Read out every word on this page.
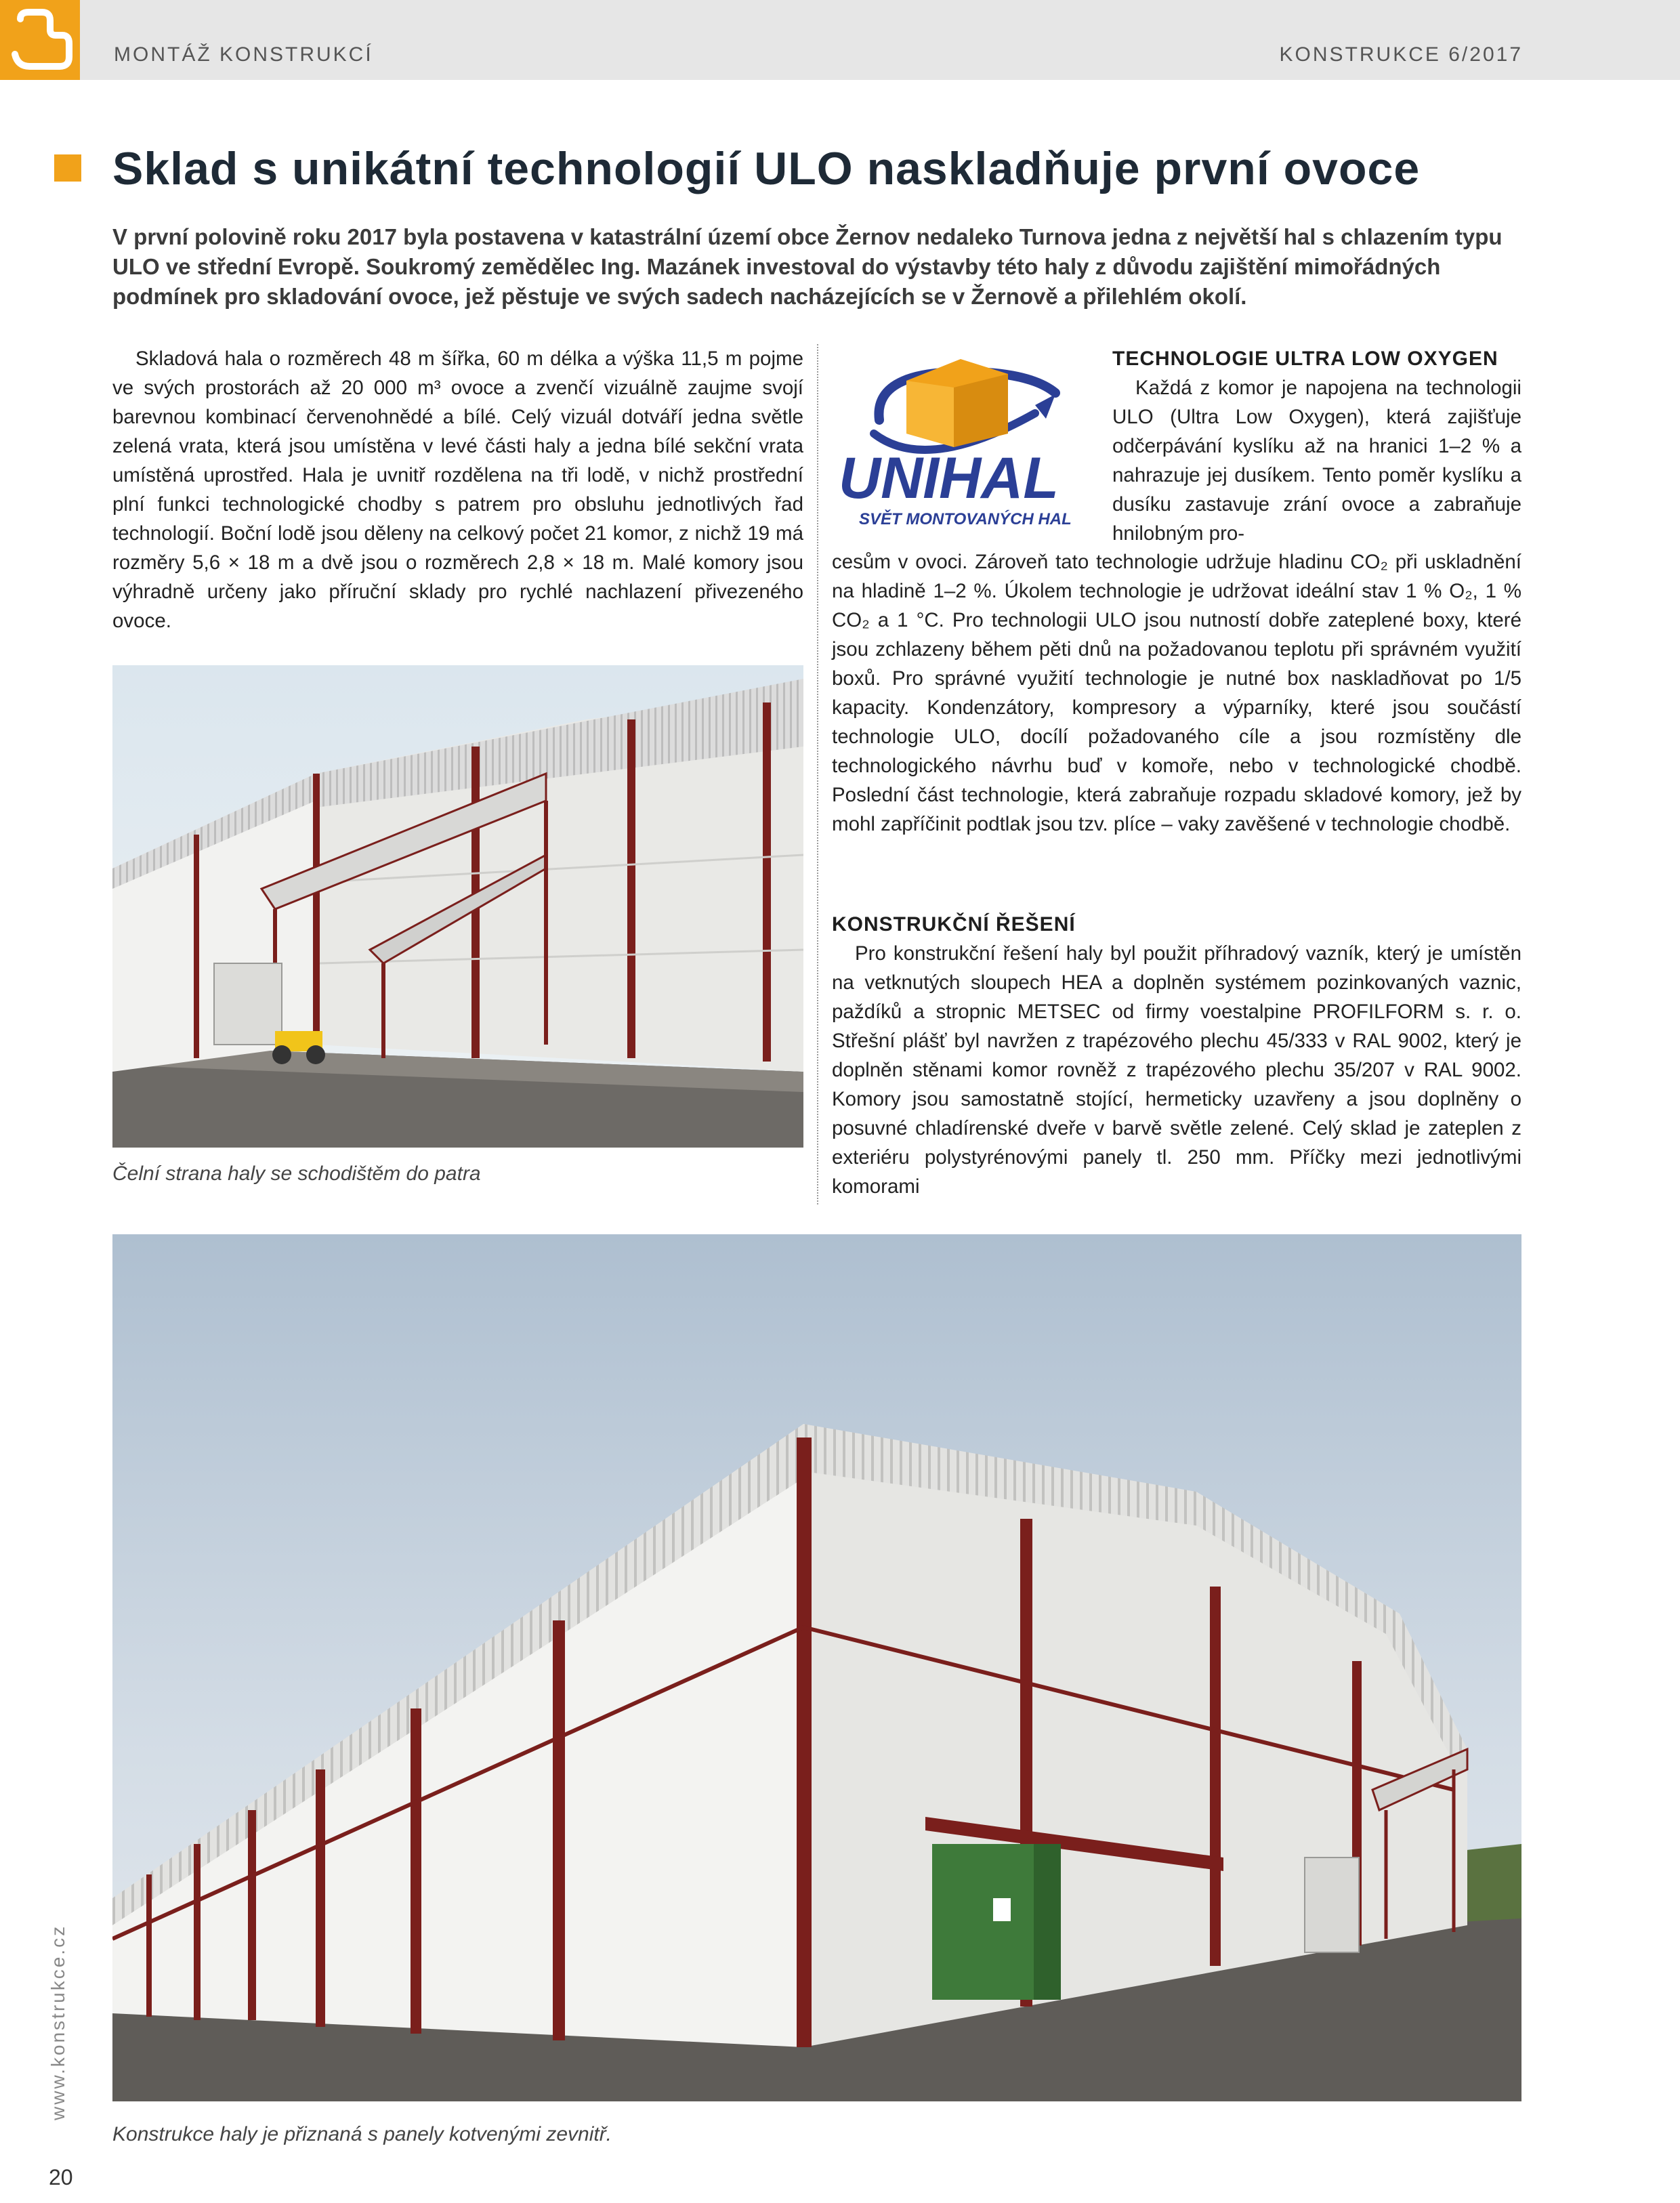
MONTÁŽ KONSTRUKCÍ	KONSTRUKCE 6/2017
Sklad s unikátní technologií ULO naskladňuje první ovoce

V první polovině roku 2017 byla postavena v katastrální území obce Žernov nedaleko Turnova jedna z největší hal s chlazením typu ULO ve střední Evropě. Soukromý zemědělec Ing. Mazánek investoval do výstavby této haly z důvodu zajištění mimořádných podmínek pro skladování ovoce, jež pěstuje ve svých sadech nacházejících se v Žernově a přilehlém okolí.

Skladová hala o rozměrech 48 m šířka, 60 m délka a výška 11,5 m pojme ve svých prostorách až 20 000 m³ ovoce a zvenčí vizuálně zaujme svojí barevnou kombinací červenohnědé a bílé. Celý vizuál dotváří jedna světle zelená vrata, která jsou umístěna v levé části haly a jedna bílé sekční vrata umístěná uprostřed. Hala je uvnitř rozdělena na tři lodě, v nichž prostřední plní funkci technologické chodby s patrem pro obsluhu jednotlivých řad technologií. Boční lodě jsou děleny na celkový počet 21 komor, z nichž 19 má rozměry 5,6 × 18 m a dvě jsou o rozměrech 2,8 × 18 m. Malé komory jsou výhradně určeny jako příruční sklady pro rychlé nachlazení přivezeného ovoce.

UNIHAL
SVĚT MONTOVANÝCH HAL
TECHNOLOGIE ULTRA LOW OXYGEN

Každá z komor je napojena na technologii ULO (Ultra Low Oxygen), která zajišťuje odčerpávání kyslíku až na hranici 1–2 % a nahrazuje jej dusíkem. Tento poměr kyslíku a dusíku zastavuje zrání ovoce a zabraňuje hnilobným pro-

cesům v ovoci. Zároveň tato technologie udržuje hladinu CO₂ při uskladnění na hladině 1–2 %. Úkolem technologie je udržovat ideální stav 1 % O₂, 1 % CO₂ a 1 °C. Pro technologii ULO jsou nutností dobře zateplené boxy, které jsou zchlazeny během pěti dnů na požadovanou teplotu při správném využití boxů. Pro správné využití technologie je nutné box naskladňovat po 1/5 kapacity. Kondenzátory, kompresory a výparníky, které jsou součástí technologie ULO, docílí požadovaného cíle a jsou rozmístěny dle technologického návrhu buď v komoře, nebo v technologické chodbě. Poslední část technologie, která zabraňuje rozpadu skladové komory, jež by mohl zapříčinit podtlak jsou tzv. plíce – vaky zavěšené v technologie chodbě.

KONSTRUKČNÍ ŘEŠENÍ

Pro konstrukční řešení haly byl použit příhradový vazník, který je umístěn na vetknutých sloupech HEA a doplněn systémem pozinkovaných vaznic, paždíků a stropnic METSEC od firmy voestalpine PROFILFORM s. r. o. Střešní plášť byl navržen z trapézového plechu 45/333 v RAL 9002, který je doplněn stěnami komor rovněž z trapézového plechu 35/207 v RAL 9002. Komory jsou samostatně stojící, hermeticky uzavřeny a jsou doplněny o posuvné chladírenské dveře v barvě světle zelené. Celý sklad je zateplen z exteriéru polystyrénovými panely tl. 250 mm. Příčky mezi jednotlivými komorami

Čelní strana haly se schodištěm do patra
Konstrukce haly je přiznaná s panely kotvenými zevnitř.
www.konstrukce.cz
20
